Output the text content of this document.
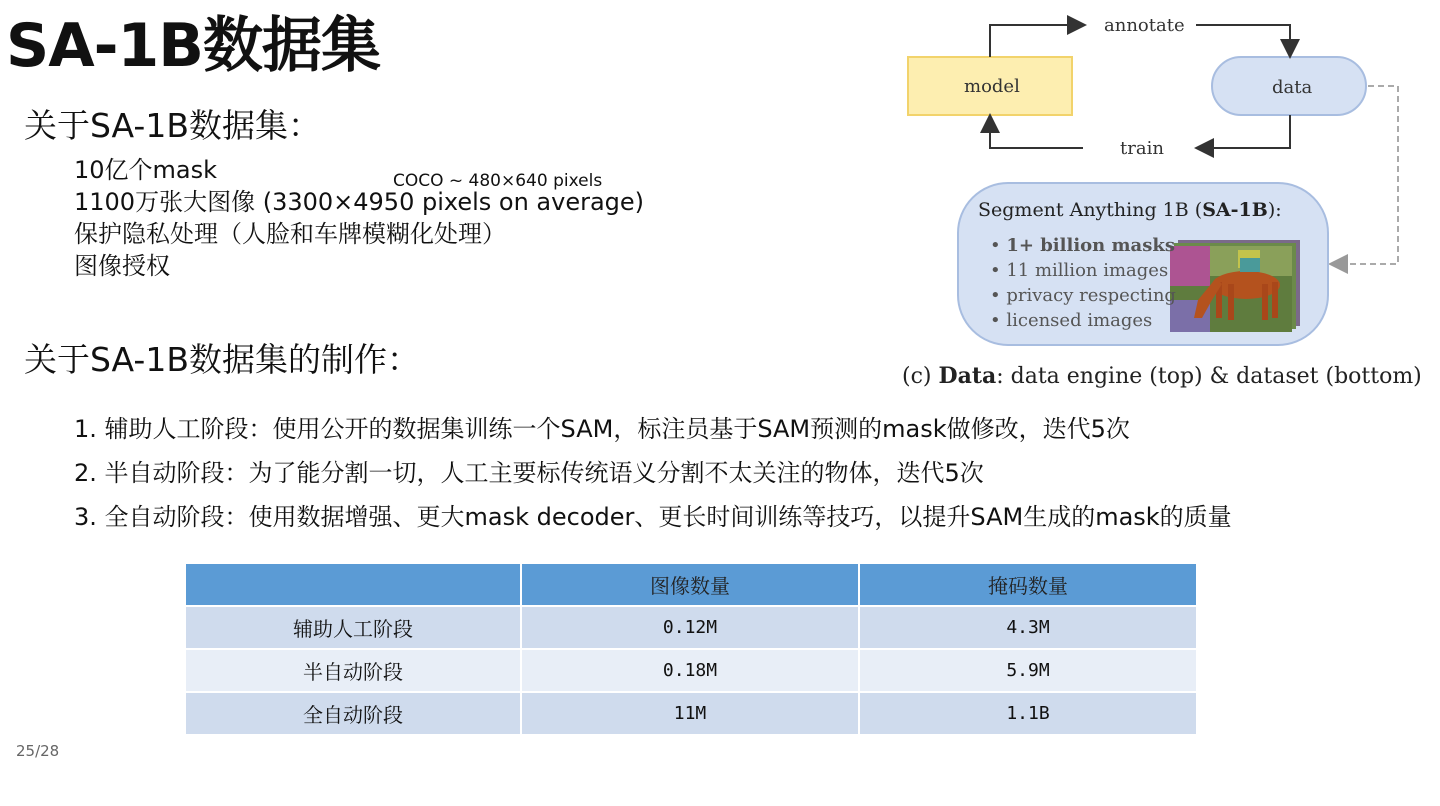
SA-1B数据集
关于SA-1B数据集：
10亿个mask
1100万张大图像 (3300×4950 pixels on average)
保护隐私处理（人脸和车牌模糊化处理）
图像授权
COCO ~ 480×640 pixels
关于SA-1B数据集的制作：
1. 辅助人工阶段：使用公开的数据集训练一个SAM，标注员基于SAM预测的mask做修改，迭代5次
2. 半自动阶段：为了能分割一切，人工主要标传统语义分割不太关注的物体，迭代5次
3. 全自动阶段：使用数据增强、更大mask decoder、更长时间训练等技巧，以提升SAM生成的mask的质量
model	data
annotate
train
Segment Anything 1B (SA-1B):
• 1+ billion masks
• 11 million images
• privacy respecting
• licensed images
(c) Data: data engine (top) & dataset (bottom)
	图像数量	掩码数量
辅助人工阶段	0.12M	4.3M
半自动阶段	0.18M	5.9M
全自动阶段	11M	1.1B
25/28
